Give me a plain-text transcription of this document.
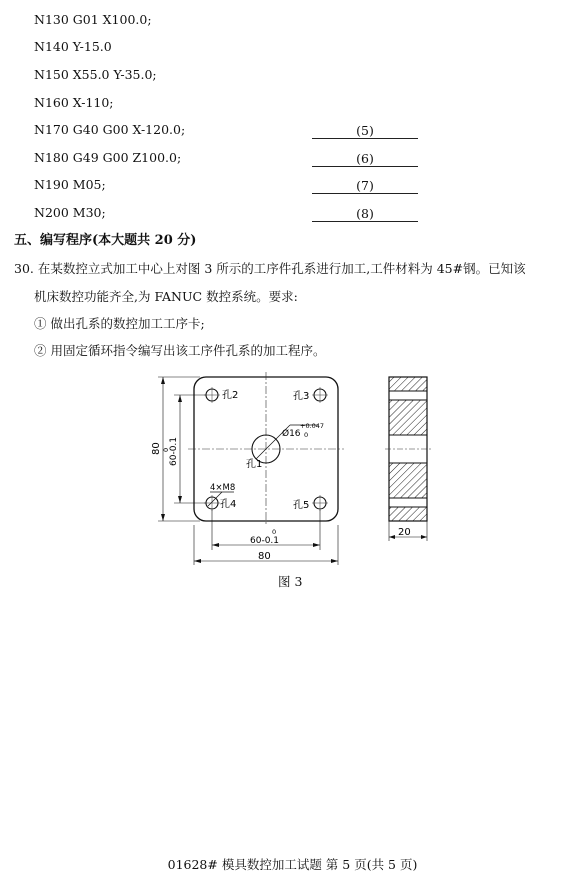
N130 G01 X100.0;
N140 Y-15.0
N150 X55.0 Y-35.0;
N160 X-110;
N170 G40 G00 X-120.0;
N180 G49 G00 Z100.0;
N190 M05;
N200 M30;
(5)
(6)
(7)
(8)
五、编写程序(本大题共 20 分)
30. 在某数控立式加工中心上对图 3 所示的工序件孔系进行加工,工件材料为 45#钢。已知该
机床数控功能齐全,为 FANUC 数控系统。要求:
① 做出孔系的数控加工工序卡;
② 用固定循环指令编写出该工序件孔系的加工程序。
孔2	孔3
孔1
孔4	孔5
Ø16
+0.047
0
4×M8
80 60-0.1
0
60-0.1
0
80
20
图 3
01628# 模具数控加工试题 第 5 页(共 5 页)
